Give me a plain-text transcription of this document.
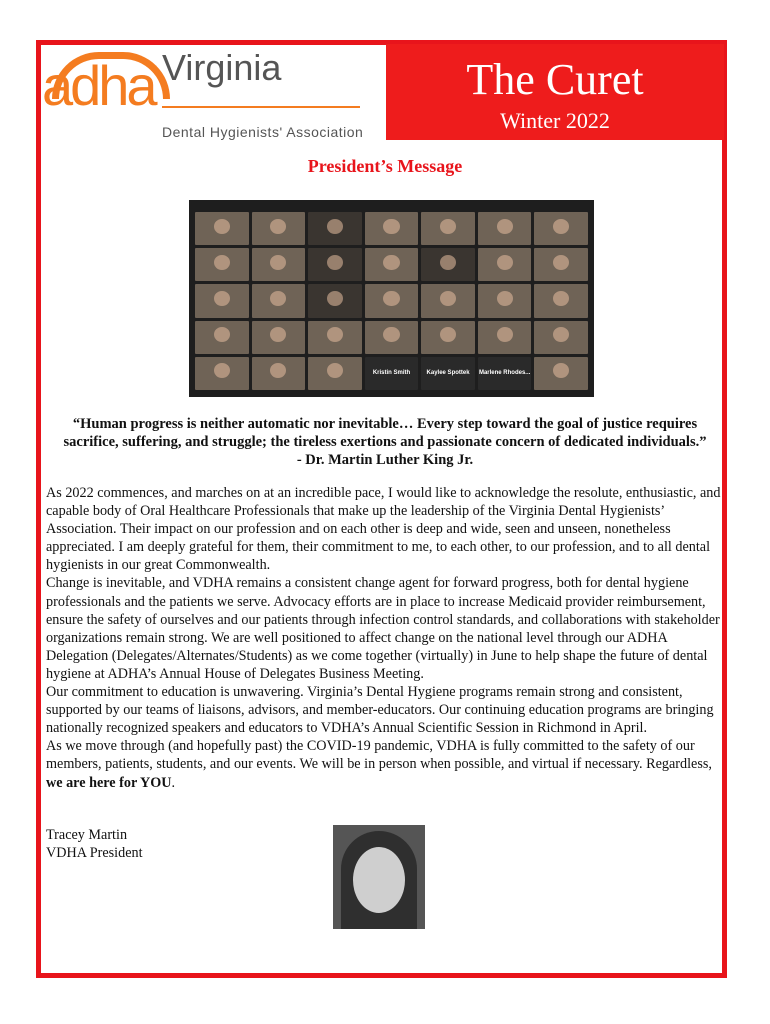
adha Virginia
Dental Hygienists' Association
The Curet
Winter 2022
President’s Message
Kristin Smith	Kaylee Spottek	Marlene Rhodes...
“Human progress is neither automatic nor inevitable… Every step toward the goal of justice requires sacrifice, suffering, and struggle; the tireless exertions and passionate concern of dedicated individuals.”
- Dr. Martin Luther King Jr.

As 2022 commences, and marches on at an incredible pace, I would like to acknowledge the resolute, enthusiastic, and capable body of Oral Healthcare Professionals that make up the leadership of the Virginia Dental Hygienists’ Association. Their impact on our profession and on each other is deep and wide, seen and unseen, nonetheless appreciated. I am deeply grateful for them, their commitment to me, to each other, to our profession, and to all dental hygienists in our great Commonwealth.

Change is inevitable, and VDHA remains a consistent change agent for forward progress, both for dental hygiene professionals and the patients we serve. Advocacy efforts are in place to increase Medicaid provider reimbursement, ensure the safety of ourselves and our patients through infection control standards, and collaborations with stakeholder organizations remain strong. We are well positioned to affect change on the national level through our ADHA Delegation (Delegates/Alternates/Students) as we come together (virtually) in June to help shape the future of dental hygiene at ADHA’s Annual House of Delegates Business Meeting.

Our commitment to education is unwavering. Virginia’s Dental Hygiene programs remain strong and consistent, supported by our teams of liaisons, advisors, and member-educators. Our continuing education programs are bringing nationally recognized speakers and educators to VDHA’s Annual Scientific Session in Richmond in April.

As we move through (and hopefully past) the COVID-19 pandemic, VDHA is fully committed to the safety of our members, patients, students, and our events. We will be in person when possible, and virtual if necessary. Regardless, we are here for YOU.

Tracey Martin
VDHA President
